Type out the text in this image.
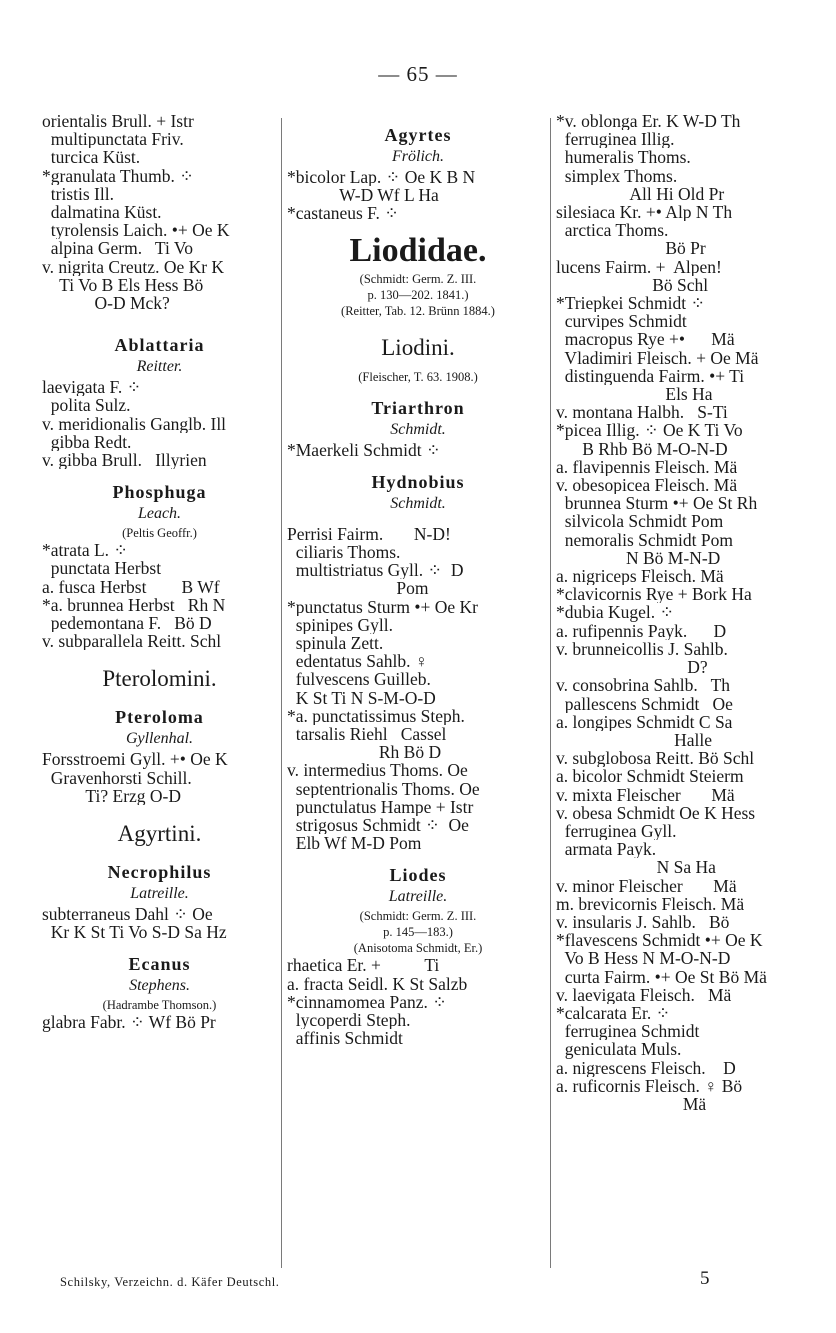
— 65 —
orientalis Brull. + Istr
multipunctata Friv.
turcica Küst.
*granulata Thumb. ⁘
tristis Ill.
dalmatina Küst.
tyrolensis Laich. •+ Oe K
alpina Germ.   Ti Vo
v. nigrita Creutz. Oe Kr K
Ti Vo B Els Hess Bö
O-D Mck?
Ablattaria
Reitter.
laevigata F. ⁘
polita Sulz.
v. meridionalis Ganglb. Ill
gibba Redt.
v. gibba Brull.   Illyrien
Phosphuga
Leach.
(Peltis Geoffr.)
*atrata L. ⁘
punctata Herbst
a. fusca Herbst        B Wf
*a. brunnea Herbst   Rh N
pedemontana F.   Bö D
v. subparallela Reitt. Schl
Pterolomini.
Pteroloma
Gyllenhal.
Forsstroemi Gyll. +• Oe K
Gravenhorsti Schill.
Ti? Erzg O-D
Agyrtini.
Necrophilus
Latreille.
subterraneus Dahl ⁘ Oe
Kr K St Ti Vo S-D Sa Hz
Ecanus
Stephens.
(Hadrambe Thomson.)
glabra Fabr. ⁘ Wf Bö Pr
Agyrtes
Frölich.
*bicolor Lap. ⁘ Oe K B N
W-D Wf L Ha
*castaneus F. ⁘
Liodidae.
(Schmidt: Germ. Z. III.
p. 130—202. 1841.)
(Reitter, Tab. 12. Brünn 1884.)
Liodini.
(Fleischer, T. 63. 1908.)
Triarthron
Schmidt.
*Maerkeli Schmidt ⁘
Hydnobius
Schmidt.
Perrisi Fairm.       N-D!
ciliaris Thoms.
multistriatus Gyll. ⁘  D
Pom
*punctatus Sturm •+ Oe Kr
spinipes Gyll.
spinula Zett.
edentatus Sahlb. ♀
fulvescens Guilleb.
K St Ti N S-M-O-D
*a. punctatissimus Steph.
tarsalis Riehl   Cassel
Rh Bö D
v. intermedius Thoms. Oe
septentrionalis Thoms. Oe
punctulatus Hampe + Istr
strigosus Schmidt ⁘  Oe
Elb Wf M-D Pom
Liodes
Latreille.
(Schmidt: Germ. Z. III.
p. 145—183.)
(Anisotoma Schmidt, Er.)
rhaetica Er. +          Ti
a. fracta Seidl. K St Salzb
*cinnamomea Panz. ⁘
lycoperdi Steph.
affinis Schmidt
*v. oblonga Er. K W-D Th
ferruginea Illig.
humeralis Thoms.
simplex Thoms.
All Hi Old Pr
silesiaca Kr. +• Alp N Th
arctica Thoms.
Bö Pr
lucens Fairm. +  Alpen!
Bö Schl
*Triepkei Schmidt ⁘
curvipes Schmidt
macropus Rye +•      Mä
Vladimiri Fleisch. + Oe Mä
distinguenda Fairm. •+ Ti
Els Ha
v. montana Halbh.   S-Ti
*picea Illig. ⁘ Oe K Ti Vo
B Rhb Bö M-O-N-D
a. flavipennis Fleisch. Mä
v. obesopicea Fleisch. Mä
brunnea Sturm •+ Oe St Rh
silvicola Schmidt Pom
nemoralis Schmidt Pom
N Bö M-N-D
a. nigriceps Fleisch. Mä
*clavicornis Rye + Bork Ha
*dubia Kugel. ⁘
a. rufipennis Payk.      D
v. brunneicollis J. Sahlb.
D?
v. consobrina Sahlb.   Th
pallescens Schmidt   Oe
a. longipes Schmidt C Sa
Halle
v. subglobosa Reitt. Bö Schl
a. bicolor Schmidt Steierm
v. mixta Fleischer       Mä
v. obesa Schmidt Oe K Hess
ferruginea Gyll.
armata Payk.
N Sa Ha
v. minor Fleischer       Mä
m. brevicornis Fleisch. Mä
v. insularis J. Sahlb.   Bö
*flavescens Schmidt •+ Oe K
Vo B Hess N M-O-N-D
curta Fairm. •+ Oe St Bö Mä
v. laevigata Fleisch.   Mä
*calcarata Er. ⁘
ferruginea Schmidt
geniculata Muls.
a. nigrescens Fleisch.    D
a. ruficornis Fleisch. ♀ Bö
Mä
Schilsky, Verzeichn. d. Käfer Deutschl.	5
